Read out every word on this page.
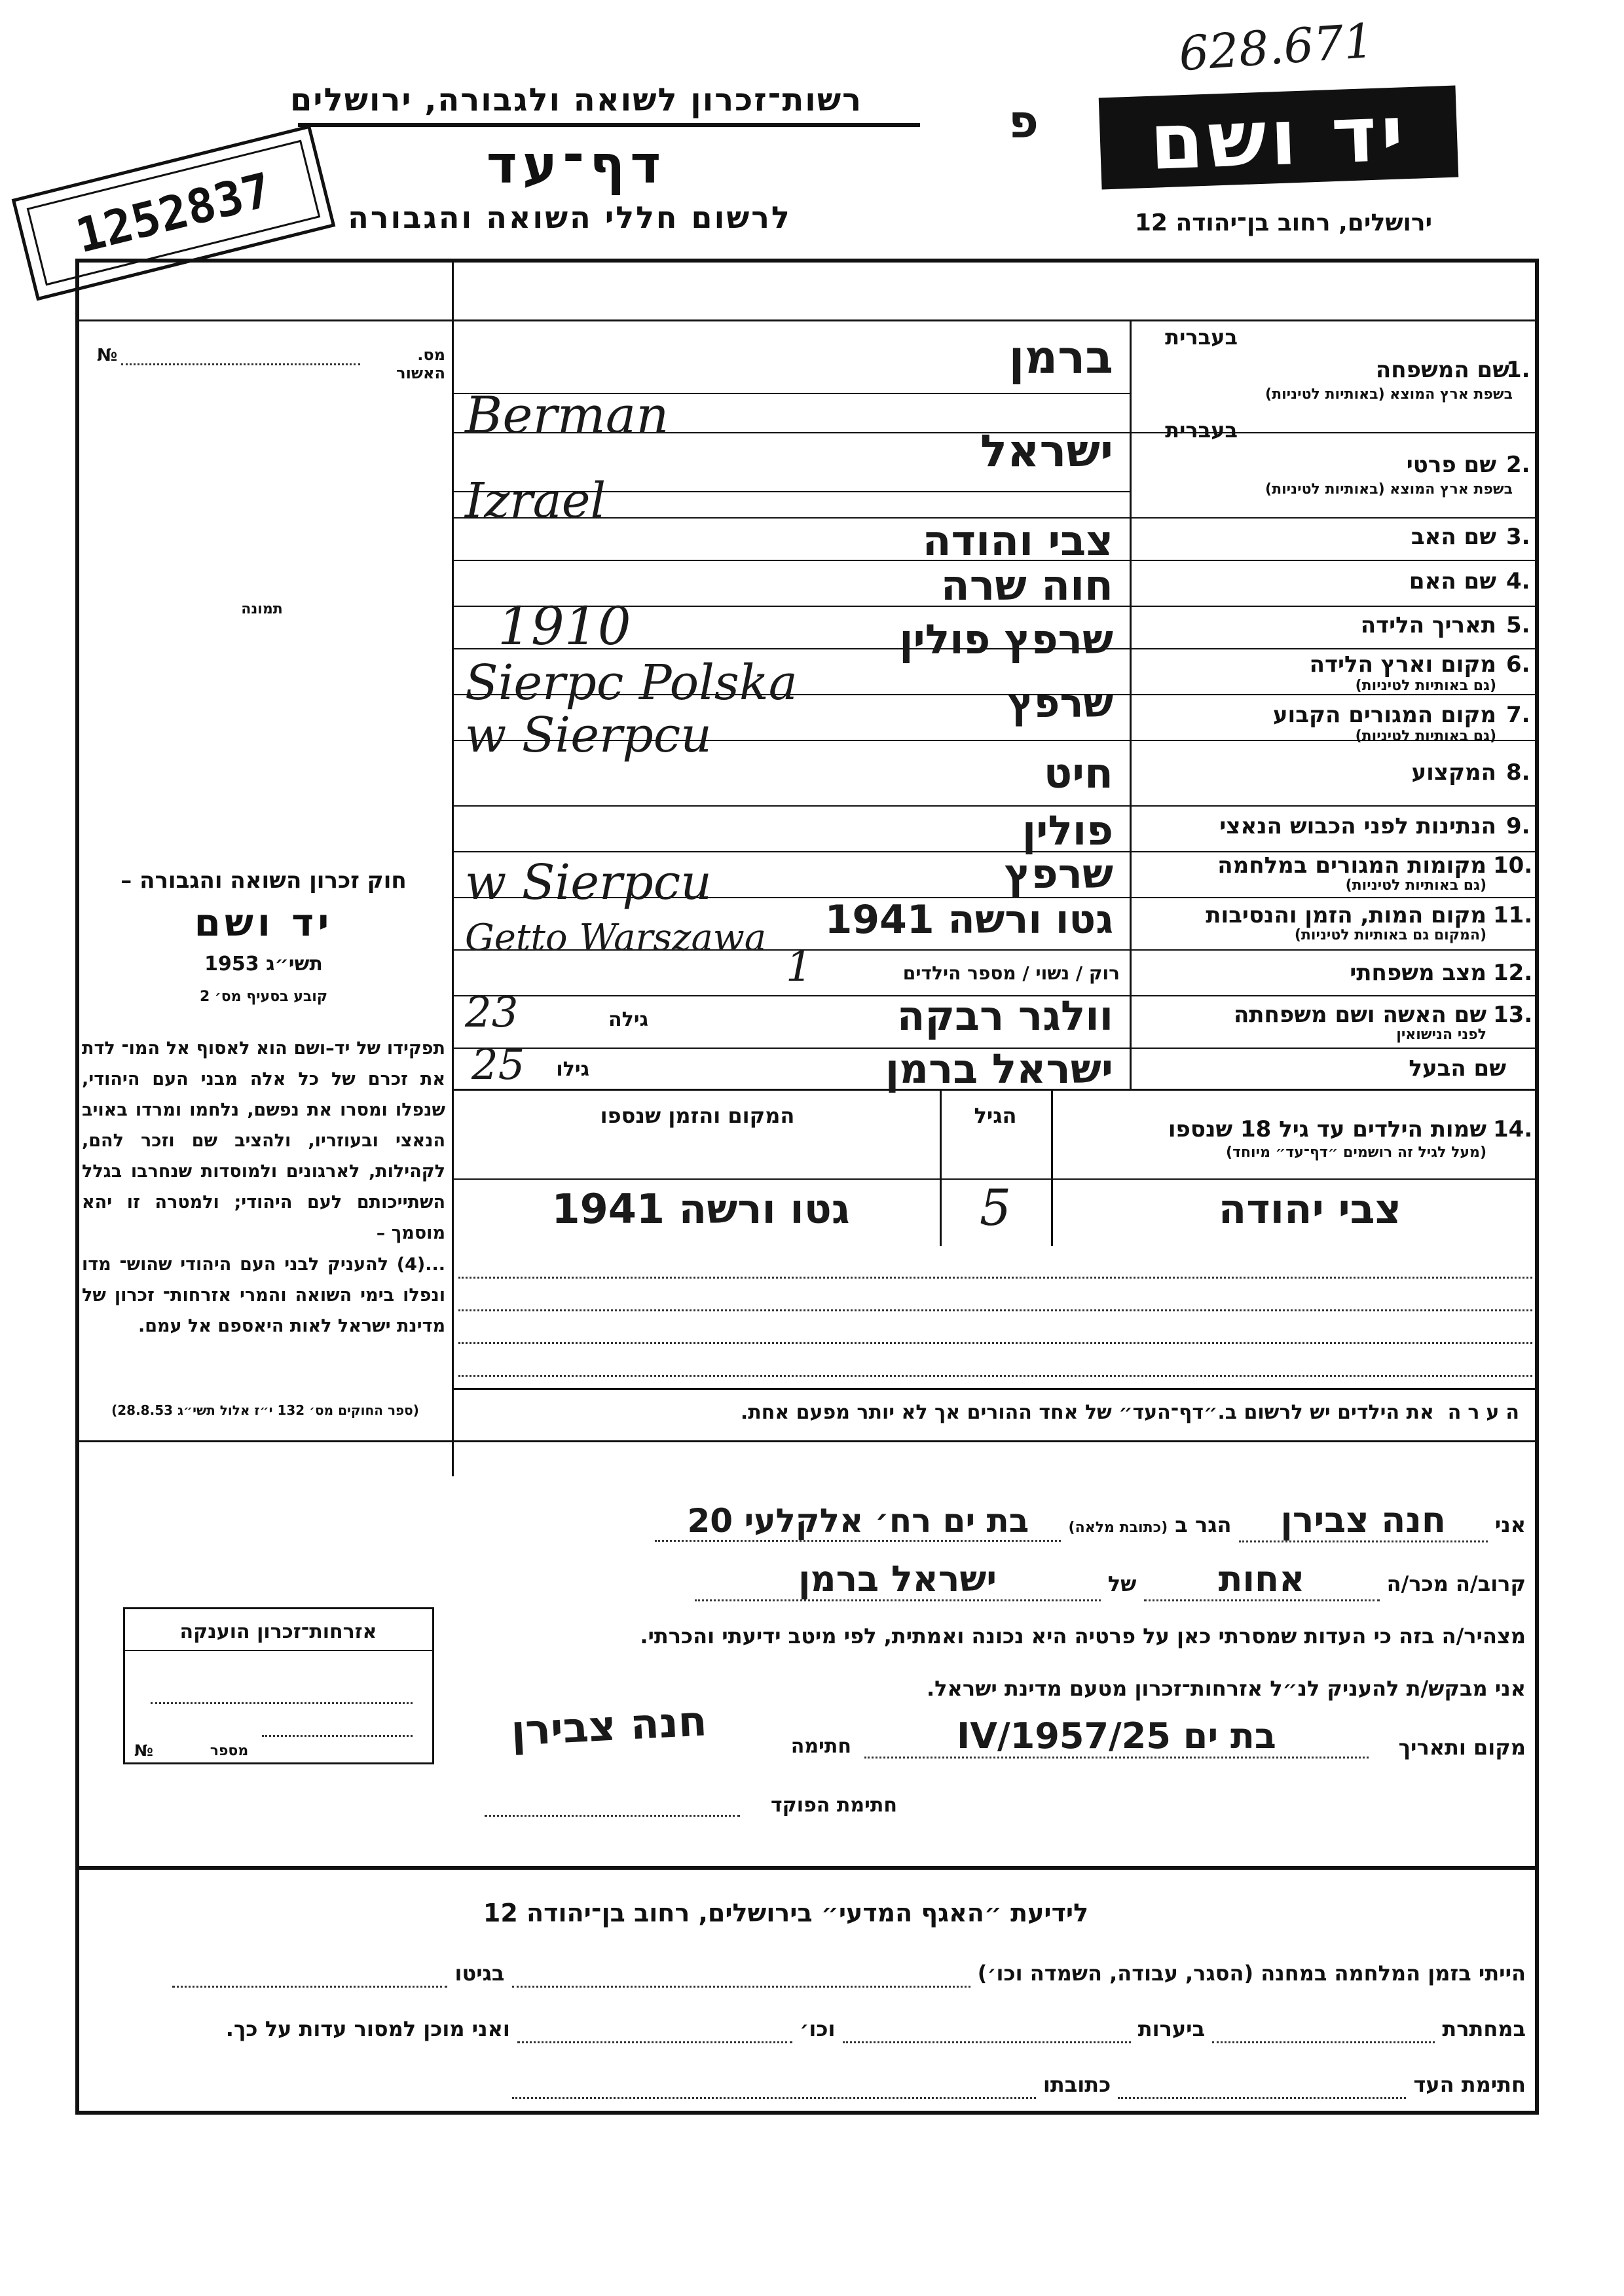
רשות־זכרון לשואה ולגבורה, ירושלים
דף־עד
לרשום חללי השואה והגבורה	ירושלים, רחוב בן־יהודה 12
יד ושם
628.671
פ
1252837
מס. האשור
№
תמונה
חוק זכרון השואה והגבורה –
יד ושם
תשי״ג 1953
קובע בסעיף מס׳ 2
תפקידו של יד–ושם הוא לאסוף אל המו־ לדת את זכרם של כל אלה מבני העם היהודי, שנפלו ומסרו את נפשם, נלחמו ומרדו באויב הנאצי ובעוזריו, ולהציב שם וזכר להם, לקהילות, לארגונים ולמוסדות שנחרבו בגלל השתייכותם לעם היהודי; ולמטרה זו יהא מוסמך –
...(4) להעניק לבני העם היהודי שהוש־ מדו ונפלו בימי השואה והמרי אזרחות־ זכרון של מדינת ישראל לאות היאספם אל עמם.
(ספר החוקים מס׳ 132 י״ז אלול תשי״ג 28.8.53)
אזרחות־זכרון הוענקה
מספר
№
בעברית
שם המשפחה
1.
בשפת ארץ המוצא (באותיות לטיניות)
ברמן
Berman	בעברית
שם פרטי 2.
בשפת ארץ המוצא (באותיות לטיניות)
ישראל
Izrael
שם האב 3.
צבי והודה
שם האם 4.
חוה שרה
תאריך הלידה 5.
1910
מקום וארץ הלידה 6.
(גם באותיות לטיניות)
שרפץ פולין
Sierpc Polska
מקום המגורים הקבוע 7.
(גם באותיות לטיניות)
שרפץ
w Sierpcu
המקצוע 8.
חיט
הנתינות לפני הכבוש הנאצי 9.
פולין
מקומות המגורים במלחמה 10.
(גם באותיות לטיניות)
שרפץ
w Sierpcu
מקום המות, הזמן והנסיבות 11.
(המקום גם באותיות לטיניות)
גטו ורשה 1941
Getto Warszawa
מצב משפחתי 12.
רוק / נשוי / מספר הילדים
1
שם האשה ושם משפחתה 13.
לפני הנישואין
וולגר רבקה
גילה
23
שם הבעל
ישראל ברמן
גילו
25
שמות הילדים עד גיל 18 שנספו 14.
(מעל לגיל זה רושמים ״דף־עד״ מיוחד)
הגיל
המקום והזמן שנספו
צבי יהודה
5
גטו ורשה 1941
הערה  את הילדים יש לרשום ב.״דף־העד״ של אחד ההורים אך לא יותר מפעם אחת.
אני חנה צבירן הגר ב (כתובת מלאה) בת ים רח׳ אלקלעי 20
קרוב/ה מכר/ה אחות של ישראל ברמן
מצהיר/ה בזה כי העדות שמסרתי כאן על פרטיה היא נכונה ואמתית, לפי מיטב ידיעתי והכרתי.
אני מבקש/ת להעניק לנ״ל אזרחות־זכרון מטעם מדינת ישראל.
מקום ותאריך
בת ים 25/IV/1957
חתימה
חנה צבירן
חתימת הפוקד
לידיעת ״האגף המדעי״ בירושלים, רחוב בן־יהודה 12
הייתי בזמן המלחמה במחנה (הסגר, עבודה, השמדה וכו׳)   בגיטו
במחתרת   ביערות   וכו׳   ואני מוכן למסור עדות על כך.
חתימת העד   כתובתו
